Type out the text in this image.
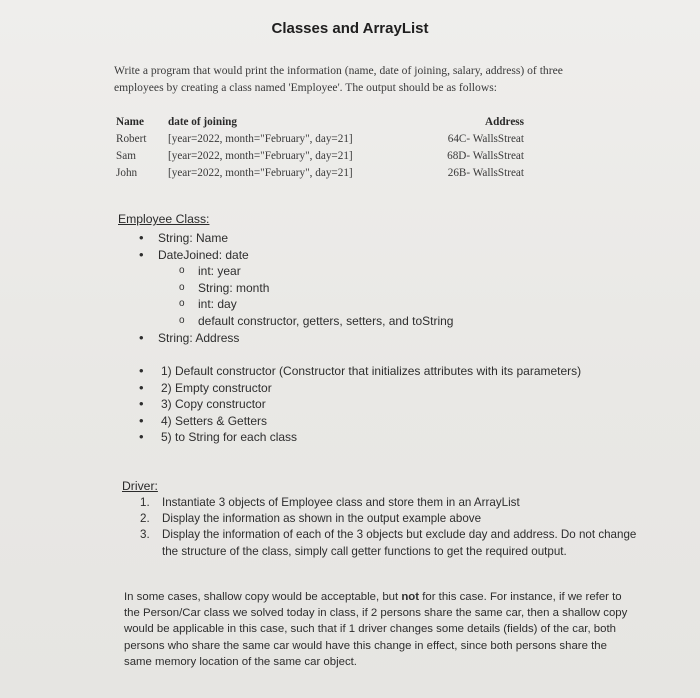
Classes and ArrayList
Write a program that would print the information (name, date of joining, salary, address) of three employees by creating a class named 'Employee'. The output should be as follows:
Name
Robert
Sam
John
date of joining
[year=2022, month="February", day=21]
[year=2022, month="February", day=21]
[year=2022, month="February", day=21]
Address
64C- WallsStreat
68D- WallsStreat
26B- WallsStreat
Employee Class:
• String: Name
• DateJoined: date
o int: year
o String: month
o int: day
o default constructor, getters, setters, and toString
• String: Address
• 1) Default constructor (Constructor that initializes attributes with its parameters)
• 2) Empty constructor
• 3) Copy constructor
• 4) Setters & Getters
• 5) to String for each class
Driver:
1. Instantiate 3 objects of Employee class and store them in an ArrayList
2. Display the information as shown in the output example above
3. Display the information of each of the 3 objects but exclude day and address. Do not change the structure of the class, simply call getter functions to get the required output.
In some cases, shallow copy would be acceptable, but not for this case. For instance, if we refer to the Person/Car class we solved today in class, if 2 persons share the same car, then a shallow copy would be applicable in this case, such that if 1 driver changes some details (fields) of the car, both persons who share the same car would have this change in effect, since both persons share the same memory location of the same car object.
